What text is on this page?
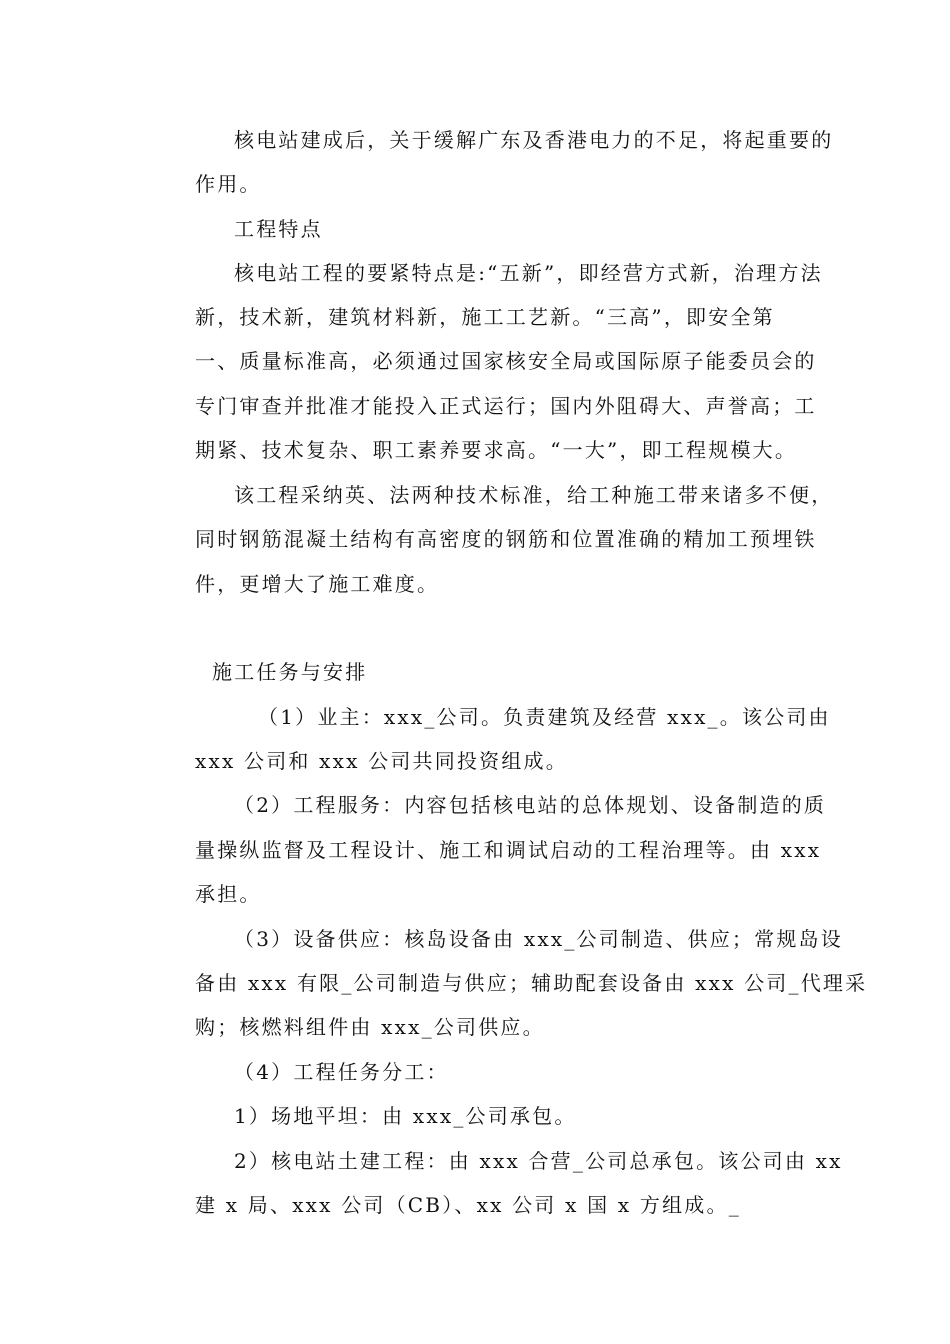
核电站建成后，关于缓解广东及香港电力的不足，将起重要的
作用。
工程特点
核电站工程的要紧特点是:“五新”，即经营方式新，治理方法
新，技术新，建筑材料新，施工工艺新。“三高”，即安全第
一、质量标准高，必须通过国家核安全局或国际原子能委员会的
专门审查并批准才能投入正式运行；国内外阻碍大、声誉高；工
期紧、技术复杂、职工素养要求高。“一大”，即工程规模大。
该工程采纳英、法两种技术标准，给工种施工带来诸多不便，
同时钢筋混凝土结构有高密度的钢筋和位置准确的精加工预埋铁
件，更增大了施工难度。
施工任务与安排
（1）业主：xxx_公司。负责建筑及经营 xxx_。该公司由
xxx 公司和 xxx 公司共同投资组成。
（2）工程服务：内容包括核电站的总体规划、设备制造的质
量操纵监督及工程设计、施工和调试启动的工程治理等。由 xxx
承担。
（3）设备供应：核岛设备由 xxx_公司制造、供应；常规岛设
备由 xxx 有限_公司制造与供应；辅助配套设备由 xxx 公司_代理采
购；核燃料组件由 xxx_公司供应。
（4）工程任务分工：
1）场地平坦：由 xxx_公司承包。
2）核电站土建工程：由 xxx 合营_公司总承包。该公司由 xx
建 x 局、xxx 公司（CB）、xx 公司 x 国 x 方组成。_
